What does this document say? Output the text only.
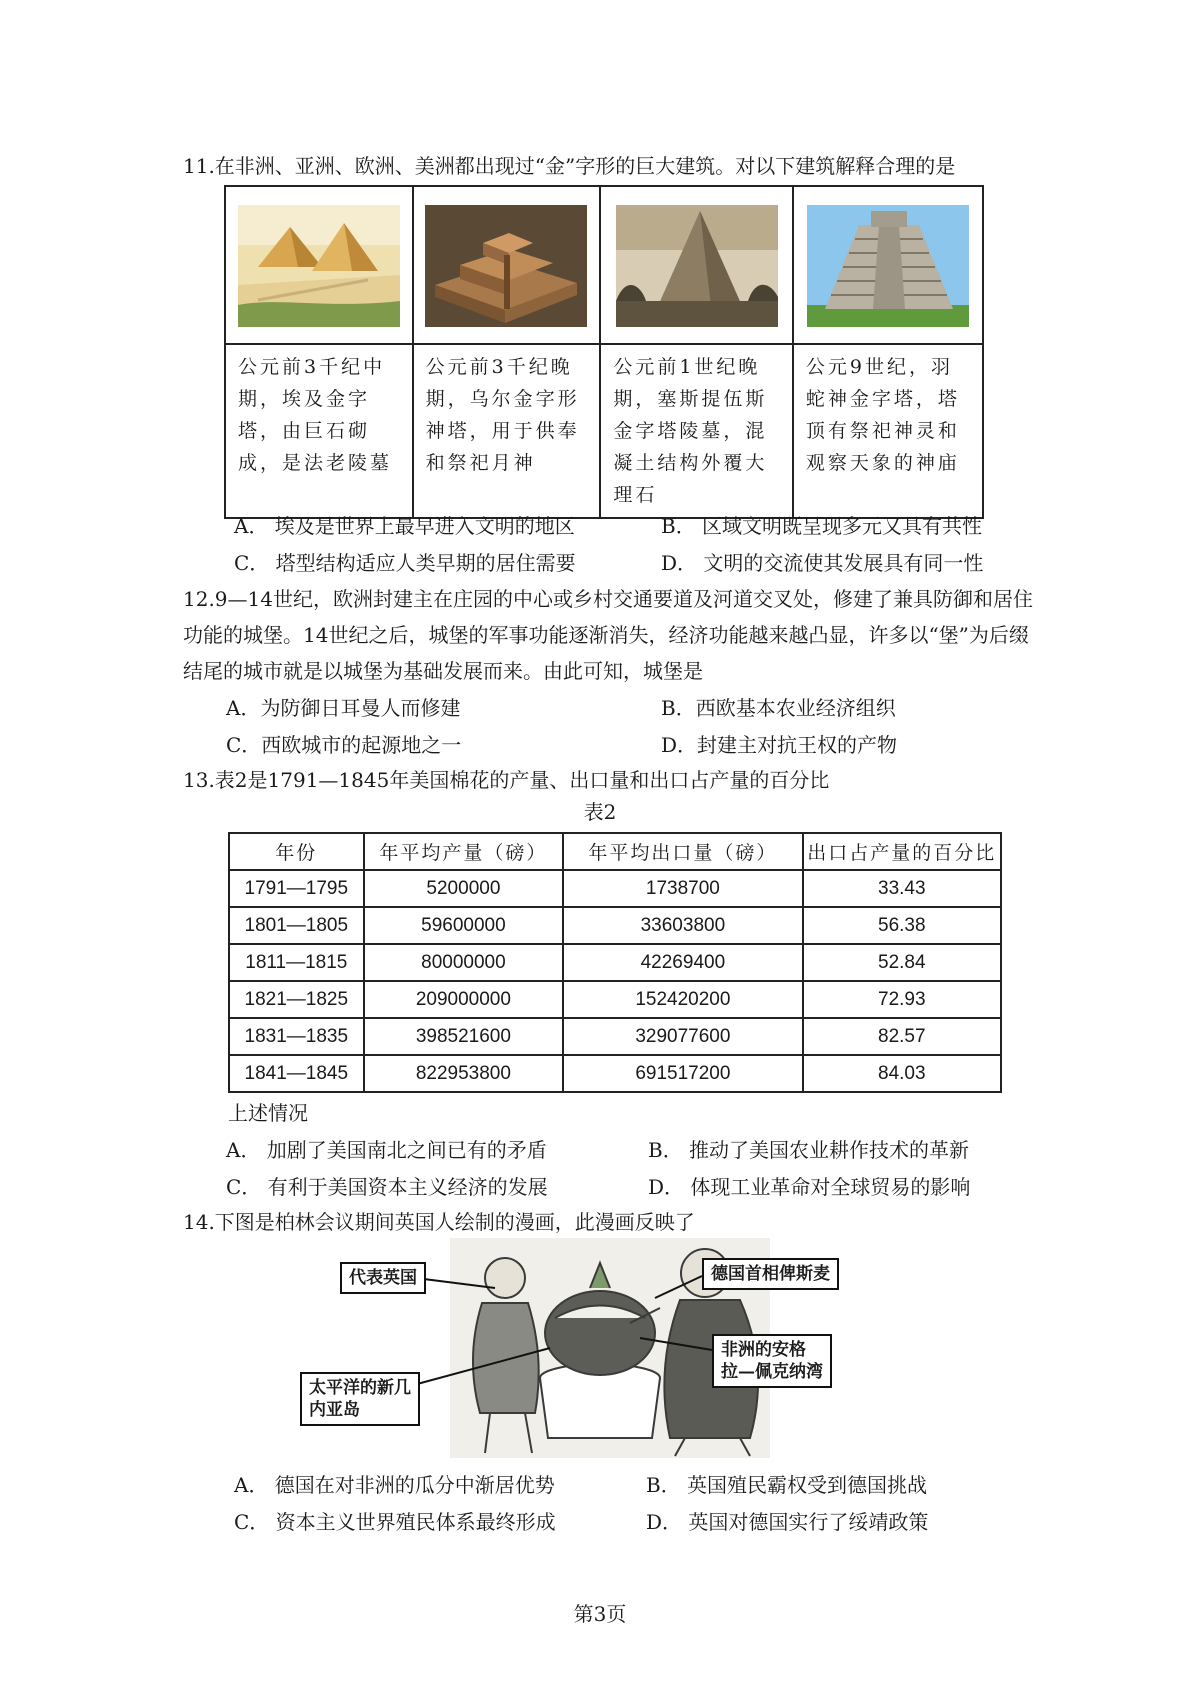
11.在非洲、亚洲、欧洲、美洲都出现过“金”字形的巨大建筑。对以下建筑解释合理的是

公元前3千纪中期，埃及金字塔，由巨石砌成，是法老陵墓	公元前3千纪晚期，乌尔金字形神塔，用于供奉和祭祀月神	公元前1世纪晚期，塞斯提伍斯金字塔陵墓，混凝土结构外覆大理石	公元9世纪，羽蛇神金字塔，塔顶有祭祀神灵和观察天象的神庙
A． 埃及是世界上最早进入文明的地区	B． 区域文明既呈现多元又具有共性
C． 塔型结构适应人类早期的居住需要	D． 文明的交流使其发展具有同一性
12.9—14世纪，欧洲封建主在庄园的中心或乡村交通要道及河道交叉处，修建了兼具防御和居住功能的城堡。14世纪之后，城堡的军事功能逐渐消失，经济功能越来越凸显，许多以“堡”为后缀结尾的城市就是以城堡为基础发展而来。由此可知，城堡是
A．为防御日耳曼人而修建	B．西欧基本农业经济组织
C．西欧城市的起源地之一	D．封建主对抗王权的产物
13.表2是1791—1845年美国棉花的产量、出口量和出口占产量的百分比
表2
年份	年平均产量（磅）	年平均出口量（磅）	出口占产量的百分比
1791—1795	5200000	1738700	33.43
1801—1805	59600000	33603800	56.38
1811—1815	80000000	42269400	52.84
1821—1825	209000000	152420200	72.93
1831—1835	398521600	329077600	82.57
1841—1845	822953800	691517200	84.03
上述情况
A． 加剧了美国南北之间已有的矛盾	B． 推动了美国农业耕作技术的革新
C． 有利于美国资本主义经济的发展	D． 体现工业革命对全球贸易的影响
14.下图是柏林会议期间英国人绘制的漫画，此漫画反映了
代表英国	德国首相俾斯麦
非洲的安格
拉—佩克纳湾
太平洋的新几
内亚岛
A． 德国在对非洲的瓜分中渐居优势	B． 英国殖民霸权受到德国挑战
C． 资本主义世界殖民体系最终形成	D． 英国对德国实行了绥靖政策
第3页
